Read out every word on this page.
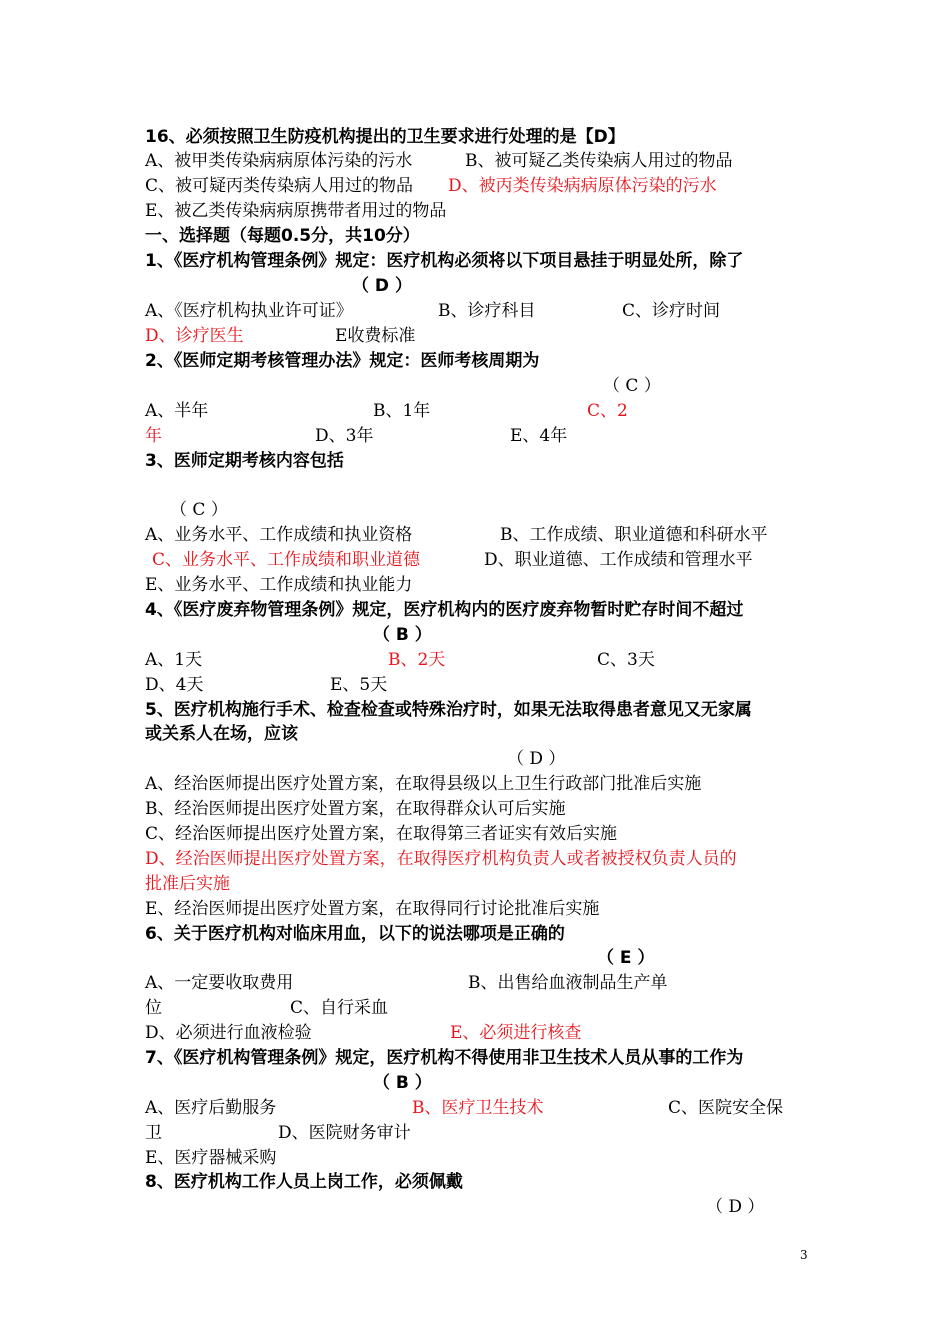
16、必须按照卫生防疫机构提出的卫生要求进行处理的是【D】
A、被甲类传染病病原体污染的污水	B、被可疑乙类传染病人用过的物品
C、被可疑丙类传染病人用过的物品 D、被丙类传染病病原体污染的污水
E、被乙类传染病病原携带者用过的物品
一、选择题（每题0.5分，共10分）
1、《医疗机构管理条例》规定：医疗机构必须将以下项目悬挂于明显处所，除了
（ D ）
A、《医疗机构执业许可证》	B、诊疗科目	C、诊疗时间
D、诊疗医生	E收费标准
2、《医师定期考核管理办法》规定：医师考核周期为
（ C ）
A、半年	B、1年	C、2
年	D、3年	E、4年
3、医师定期考核内容包括
（ C ）
A、业务水平、工作成绩和执业资格	B、工作成绩、职业道德和科研水平
C、业务水平、工作成绩和职业道德	D、职业道德、工作成绩和管理水平
E、业务水平、工作成绩和执业能力
4、《医疗废弃物管理条例》规定，医疗机构内的医疗废弃物暂时贮存时间不超过
（ B ）
A、1天	B、2天	C、3天
D、4天	E、5天
5、医疗机构施行手术、检查检查或特殊治疗时，如果无法取得患者意见又无家属
或关系人在场，应该
（ D ）
A、经治医师提出医疗处置方案，在取得县级以上卫生行政部门批准后实施
B、经治医师提出医疗处置方案，在取得群众认可后实施
C、经治医师提出医疗处置方案，在取得第三者证实有效后实施
D、经治医师提出医疗处置方案，在取得医疗机构负责人或者被授权负责人员的
批准后实施
E、经治医师提出医疗处置方案，在取得同行讨论批准后实施
6、关于医疗机构对临床用血，以下的说法哪项是正确的
（ E ）
A、一定要收取费用	B、出售给血液制品生产单
位	C、自行采血
D、必须进行血液检验	E、必须进行核查
7、《医疗机构管理条例》规定，医疗机构不得使用非卫生技术人员从事的工作为
（ B ）
A、医疗后勤服务	B、医疗卫生技术	C、医院安全保
卫	D、医院财务审计
E、医疗器械采购
8、医疗机构工作人员上岗工作，必须佩戴
（ D ）
3
